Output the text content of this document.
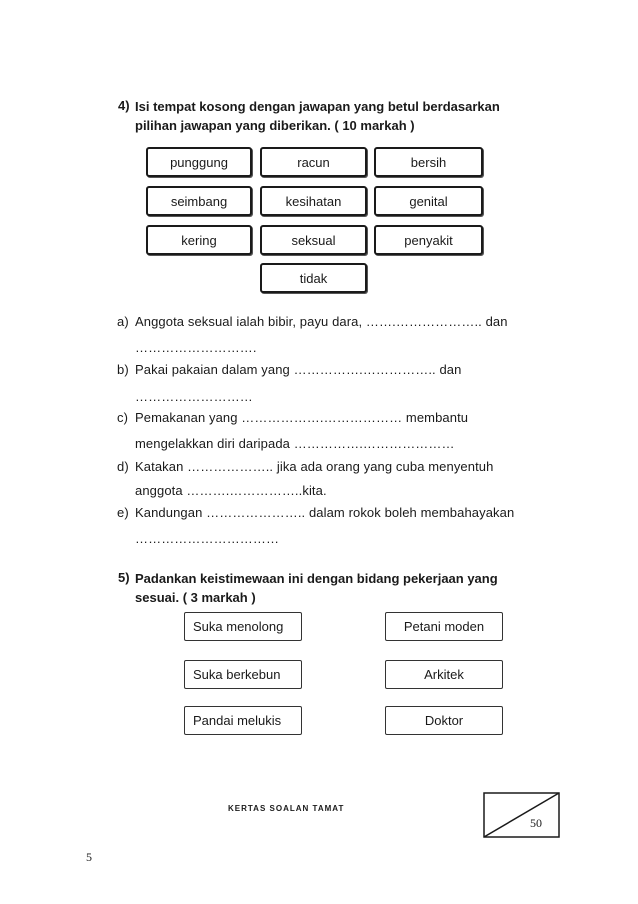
4) Isi tempat kosong dengan jawapan yang betul berdasarkan
pilihan jawapan yang diberikan. ( 10 markah )
punggung	racun	bersih
seimbang	kesihatan	genital
kering	seksual	penyakit
tidak
a) Anggota seksual ialah bibir, payu dara, …….……………….. dan
……………………….
b) Pakai pakaian dalam yang …………….…………….. dan
………………………
c) Pemakanan yang ……………….……………… membantu
mengelakkan diri daripada …………….…………………
d) Katakan ……………….. jika ada orang yang cuba menyentuh
anggota ……….……………..kita.
e) Kandungan ………………….. dalam rokok boleh membahayakan
……………………………
5) Padankan keistimewaan ini dengan bidang pekerjaan yang
sesuai. ( 3 markah )
Suka menolong
Suka berkebun
Pandai melukis
Petani moden
Arkitek
Doktor
KERTAS SOALAN TAMAT
50
5
